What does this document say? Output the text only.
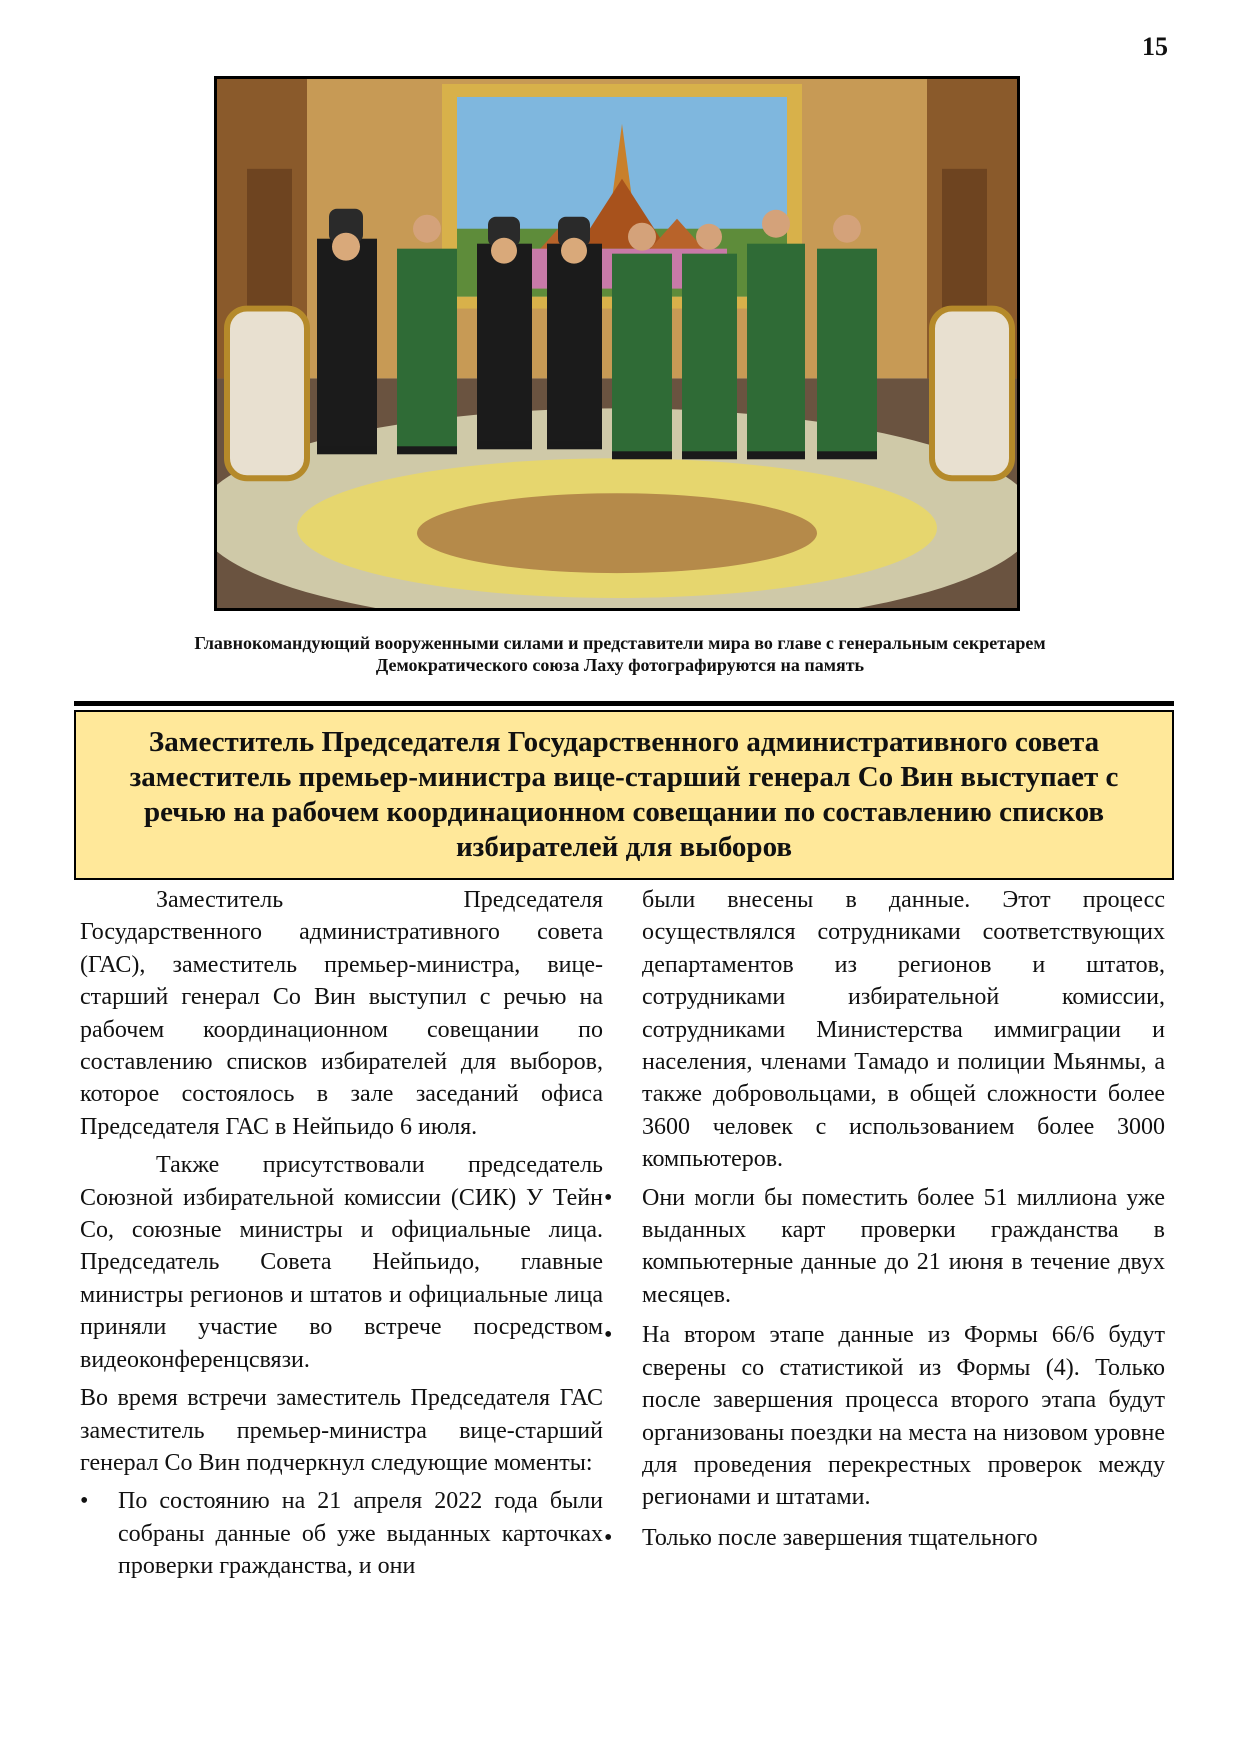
15
Главнокомандующий вооруженными силами и представители мира во главе с генеральным секретарем
Демократического союза Лаху фотографируются на память
Заместитель Председателя Государственного административного совета заместитель премьер-министра вице-старший генерал Со Вин выступает с речью на рабочем координационном совещании по составлению списков избирателей для выборов

Заместитель Председателя Государственного административного совета (ГАС), заместитель премьер-министра, вице-старший генерал Со Вин выступил с речью на рабочем координационном совещании по составлению списков избирателей для выборов, которое состоялось в зале заседаний офиса Председателя ГАС в Нейпьидо 6 июля.

Также присутствовали председатель Союзной избирательной комиссии (СИК) У Тейн Со, союзные министры и официальные лица. Председатель Совета Нейпьидо, главные министры регионов и штатов и официальные лица приняли участие во встрече посредством видеоконференцсвязи.

Во время встречи заместитель Председателя ГАС заместитель премьер-министра вице-старший генерал Со Вин подчеркнул следующие моменты:

•	По состоянию на 21 апреля 2022 года были собраны данные об уже выданных карточках проверки гражданства, и они

были внесены в данные. Этот процесс осуществлялся сотрудниками соответствующих департаментов из регионов и штатов, сотрудниками избирательной комиссии, сотрудниками Министерства иммиграции и населения, членами Тамадо и полиции Мьянмы, а также добровольцами, в общей сложности более 3600 человек с использованием более 3000 компьютеров.

•	Они могли бы поместить более 51 миллиона уже выданных карт проверки гражданства в компьютерные данные до 21 июня в течение двух месяцев.
•	На втором этапе данные из Формы 66/6 будут сверены со статистикой из Формы (4). Только после завершения процесса второго этапа будут организованы поездки на места на низовом уровне для проведения перекрестных проверок между регионами и штатами.
•	Только после завершения тщательного
